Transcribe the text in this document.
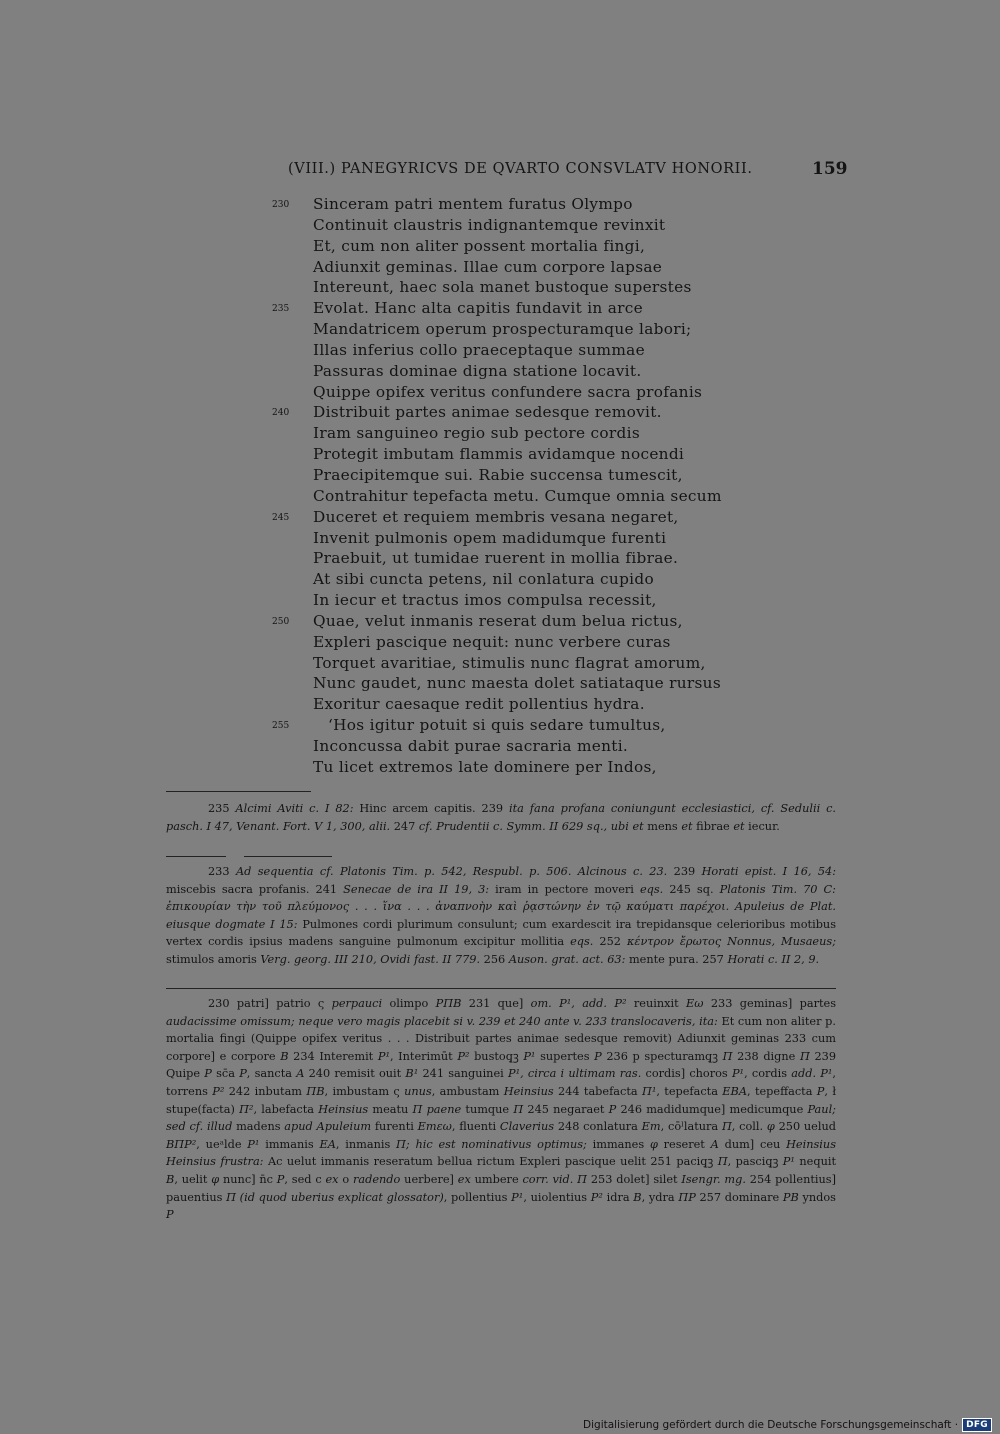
(VIII.) PANEGYRICVS DE QVARTO CONSVLATV HONORII.	159
230	Sinceram patri mentem furatus Olympo
Continuit claustris indignantemque revinxit
Et, cum non aliter possent mortalia fingi,
Adiunxit geminas. Illae cum corpore lapsae
Intereunt, haec sola manet bustoque superstes
235	Evolat. Hanc alta capitis fundavit in arce
Mandatricem operum prospecturamque labori;
Illas inferius collo praeceptaque summae
Passuras dominae digna statione locavit.
Quippe opifex veritus confundere sacra profanis
240	Distribuit partes animae sedesque removit.
Iram sanguineo regio sub pectore cordis
Protegit imbutam flammis avidamque nocendi
Praecipitemque sui. Rabie succensa tumescit,
Contrahitur tepefacta metu. Cumque omnia secum
245	Duceret et requiem membris vesana negaret,
Invenit pulmonis opem madidumque furenti
Praebuit, ut tumidae ruerent in mollia fibrae.
At sibi cuncta petens, nil conlatura cupido
In iecur et tractus imos compulsa recessit,
250	Quae, velut inmanis reserat dum belua rictus,
Expleri pascique nequit: nunc verbere curas
Torquet avaritiae, stimulis nunc flagrat amorum,
Nunc gaudet, nunc maesta dolet satiataque rursus
Exoritur caesaque redit pollentius hydra.
255	‘Hos igitur potuit si quis sedare tumultus,
Inconcussa dabit purae sacraria menti.
Tu licet extremos late dominere per Indos,

235 Alcimi Aviti c. I 82: Hinc arcem capitis. 239 ita fana profana coniungunt ecclesiastici, cf. Sedulii c. pasch. I 47, Venant. Fort. V 1, 300, alii. 247 cf. Prudentii c. Symm. II 629 sq., ubi et mens et fibrae et iecur.

233 Ad sequentia cf. Platonis Tim. p. 542, Respubl. p. 506. Alcinous c. 23. 239 Horati epist. I 16, 54: miscebis sacra profanis. 241 Senecae de ira II 19, 3: iram in pectore moveri eqs. 245 sq. Platonis Tim. 70 C: ἐπικουρίαν τὴν τοῦ πλεύμονος . . . ἵνα . . . ἀναπνοὴν καὶ ῥᾳστώνην ἐν τῷ καύματι παρέχοι. Apuleius de Plat. eiusque dogmate I 15: Pulmones cordi plurimum consulunt; cum exardescit ira trepidansque celerioribus motibus vertex cordis ipsius madens sanguine pulmonum excipitur mollitia eqs. 252 κέντρον ἔρωτος Nonnus, Musaeus; stimulos amoris Verg. georg. III 210, Ovidi fast. II 779. 256 Auson. grat. act. 63: mente pura. 257 Horati c. II 2, 9.

230 patri] patrio ς perpauci olimpo PΠB 231 que] om. P¹, add. P² reuinxit Eω 233 geminas] partes audacissime omissum; neque vero magis placebit si v. 239 et 240 ante v. 233 translocaveris, ita: Et cum non aliter p. mortalia fingi (Quippe opifex veritus . . . Distribuit partes animae sedesque removit) Adiunxit geminas 233 cum corpore] e corpore B 234 Interemit P¹, Interimūt P² bustoq̧ꝫ P¹ supertes P 236 p specturamq̧ꝫ Π 238 digne Π 239 Quipe P sc̄a P, sancta A 240 remisit ouit B¹ 241 sanguinei P¹, circa i ultimam ras. cordis] choros P¹, cordis add. P¹, torrens P² 242 inbutam ΠB, imbustam ς unus, ambustam Heinsius 244 tabefacta Π¹, tepefacta EBA, tepeffacta P, ł stupe(facta) Π², labefacta Heinsius meatu Π paene tumque Π 245 negaraet P 246 madidumque] medicumque Paul; sed cf. illud madens apud Apuleium furenti Emεω, fluenti Claverius 248 conlatura Em, cōˡlatura Π, coll. φ 250 uelud BΠP², ueᵃlde P¹ immanis EA, inmanis Π; hic est nominativus optimus; immanes φ reseret A dum] ceu Heinsius Heinsius frustra: Ac uelut immanis reseratum bellua rictum Expleri pascique uelit 251 paciq̧ꝫ Π, pasciq̧ꝫ P¹ nequit B, uelit φ nunc] n̄c P, sed c ex o radendo uerbere] ex umbere corr. vid. Π 253 dolet] silet Isengr. mg. 254 pollentius] pauentius Π (id quod uberius explicat glossator), pollentius P¹, uiolentius P² idra B, ydra ΠP 257 dominare PB yndos P

Digitalisierung gefördert durch die Deutsche Forschungsgemeinschaft · DFG
